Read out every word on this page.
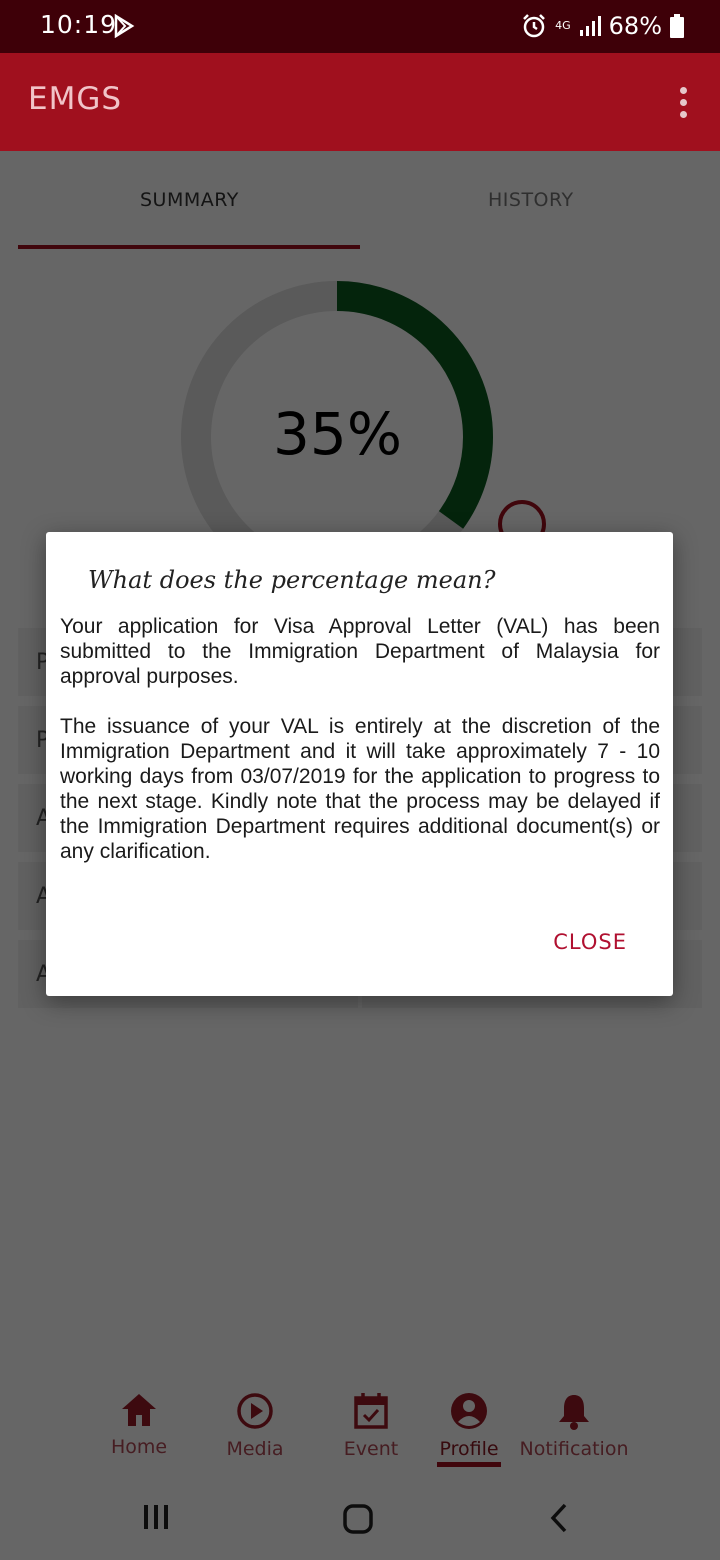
10:19	4G 68%
EMGS
What does the percentage mean?

Your application for Visa Approval Letter (VAL) has been submitted to the Immigration Department of Malaysia for approval purposes.

The issuance of your VAL is entirely at the discretion of the Immigration Department and it will take approximately 7 - 10 working days from 03/07/2019 for the application to progress to the next stage. Kindly note that the process may be delayed if the Immigration Department requires additional document(s) or any clarification.

CLOSE
